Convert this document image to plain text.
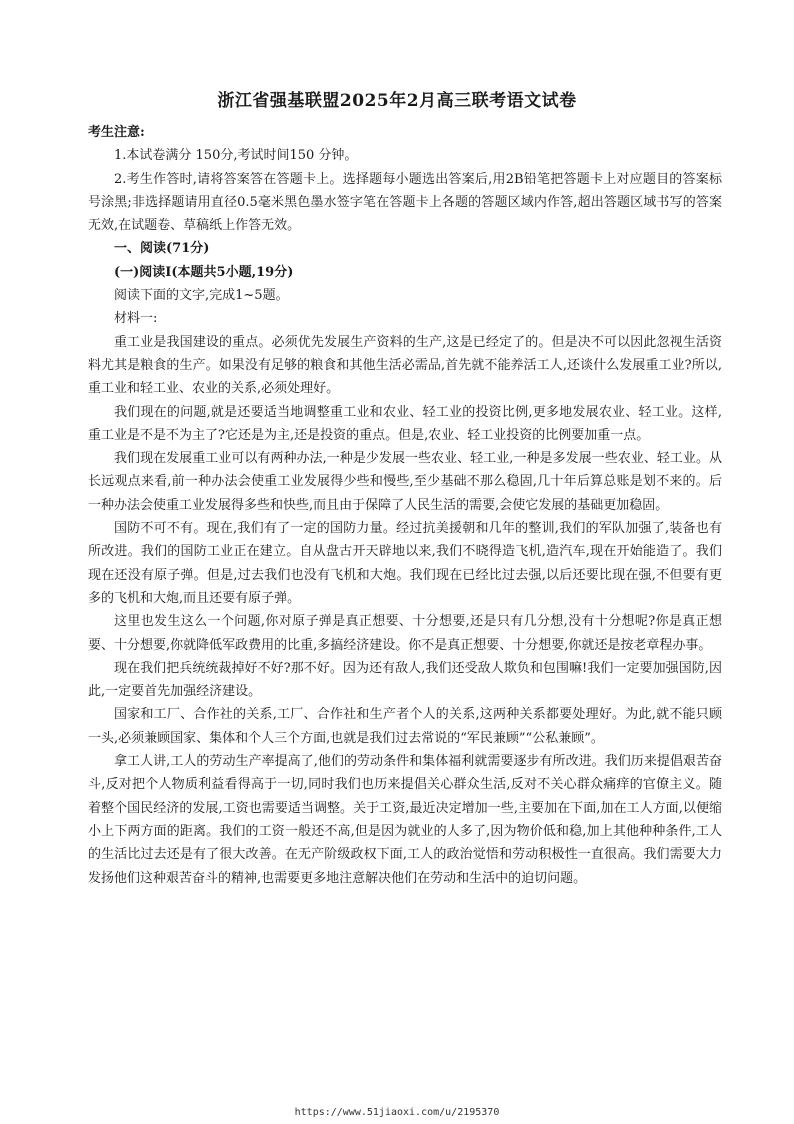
浙江省强基联盟2025年2月高三联考语文试卷

考生注意:

1.本试卷满分 150分,考试时间150 分钟。

2.考生作答时,请将答案答在答题卡上。选择题每小题选出答案后,用2B铅笔把答题卡上对应题目的答案标号涂黑;非选择题请用直径0.5毫米黑色墨水签字笔在答题卡上各题的答题区域内作答,超出答题区域书写的答案无效,在试题卷、草稿纸上作答无效。

一、阅读(71分)

(一)阅读Ⅰ(本题共5小题,19分)

阅读下面的文字,完成1~5题。

材料一:

重工业是我国建设的重点。必须优先发展生产资料的生产,这是已经定了的。但是决不可以因此忽视生活资料尤其是粮食的生产。如果没有足够的粮食和其他生活必需品,首先就不能养活工人,还谈什么发展重工业?所以,重工业和轻工业、农业的关系,必须处理好。

我们现在的问题,就是还要适当地调整重工业和农业、轻工业的投资比例,更多地发展农业、轻工业。这样,重工业是不是不为主了?它还是为主,还是投资的重点。但是,农业、轻工业投资的比例要加重一点。

我们现在发展重工业可以有两种办法,一种是少发展一些农业、轻工业,一种是多发展一些农业、轻工业。从长远观点来看,前一种办法会使重工业发展得少些和慢些,至少基础不那么稳固,几十年后算总账是划不来的。后一种办法会使重工业发展得多些和快些,而且由于保障了人民生活的需要,会使它发展的基础更加稳固。

国防不可不有。现在,我们有了一定的国防力量。经过抗美援朝和几年的整训,我们的军队加强了,装备也有所改进。我们的国防工业正在建立。自从盘古开天辟地以来,我们不晓得造飞机,造汽车,现在开始能造了。我们现在还没有原子弹。但是,过去我们也没有飞机和大炮。我们现在已经比过去强,以后还要比现在强,不但要有更多的飞机和大炮,而且还要有原子弹。

这里也发生这么一个问题,你对原子弹是真正想要、十分想要,还是只有几分想,没有十分想呢?你是真正想要、十分想要,你就降低军政费用的比重,多搞经济建设。你不是真正想要、十分想要,你就还是按老章程办事。

现在我们把兵统统裁掉好不好?那不好。因为还有敌人,我们还受敌人欺负和包围嘛!我们一定要加强国防,因此,一定要首先加强经济建设。

国家和工厂、合作社的关系,工厂、合作社和生产者个人的关系,这两种关系都要处理好。为此,就不能只顾一头,必须兼顾国家、集体和个人三个方面,也就是我们过去常说的“军民兼顾”“公私兼顾”。

拿工人讲,工人的劳动生产率提高了,他们的劳动条件和集体福利就需要逐步有所改进。我们历来提倡艰苦奋斗,反对把个人物质利益看得高于一切,同时我们也历来提倡关心群众生活,反对不关心群众痛痒的官僚主义。随着整个国民经济的发展,工资也需要适当调整。关于工资,最近决定增加一些,主要加在下面,加在工人方面,以便缩小上下两方面的距离。我们的工资一般还不高,但是因为就业的人多了,因为物价低和稳,加上其他种种条件,工人的生活比过去还是有了很大改善。在无产阶级政权下面,工人的政治觉悟和劳动积极性一直很高。我们需要大力发扬他们这种艰苦奋斗的精神,也需要更多地注意解决他们在劳动和生活中的迫切问题。

https://www.51jiaoxi.com/u/2195370
